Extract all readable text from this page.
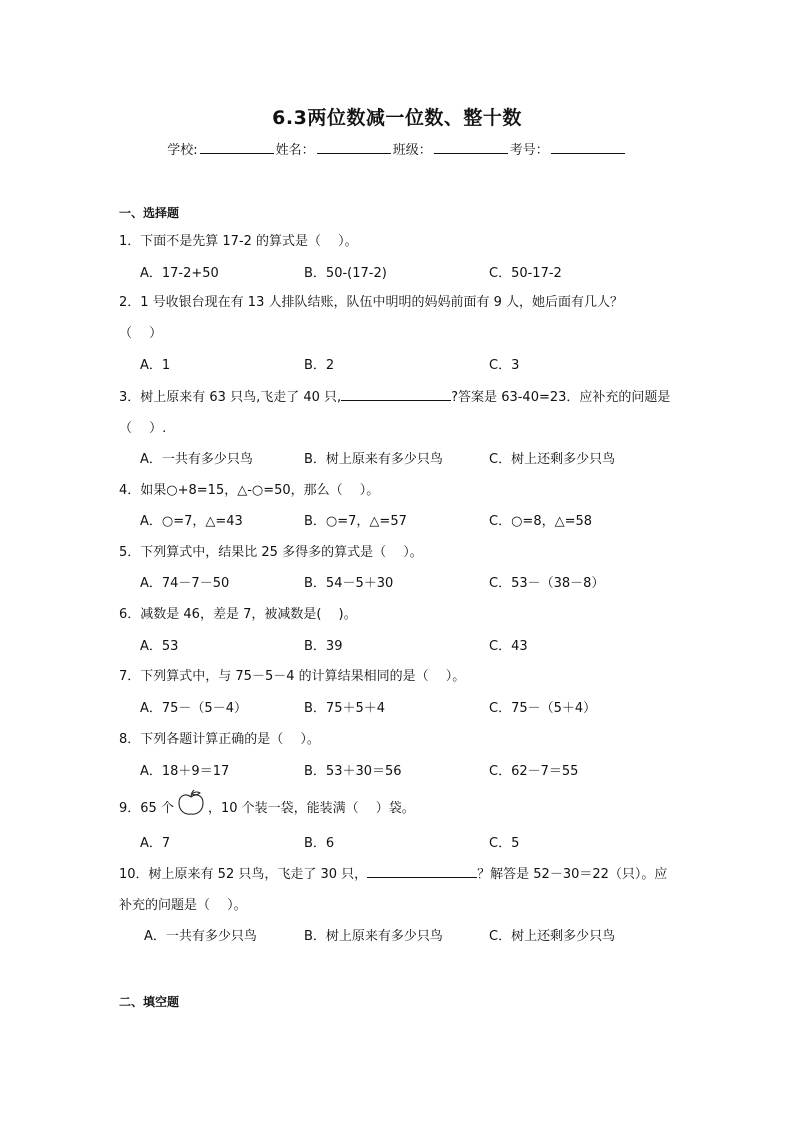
6.3两位数减一位数、整十数
学校:	姓名：	班级：	考号：
一、选择题
1．下面不是先算 17-2 的算式是（　 ）。
A．17-2+50	B．50-(17-2)	C．50-17-2
2．1 号收银台现在有 13 人排队结账，队伍中明明的妈妈前面有 9 人，她后面有几人？
（　 ）
A．1	B．2	C．3
3．树上原来有 63 只鸟,飞走了 40 只,	?答案是 63-40=23．应补充的问题是
（　 ）.
A．一共有多少只鸟	B．树上原来有多少只鸟	C．树上还剩多少只鸟
4．如果○+8=15，△-○=50，那么（　 ）。
A．○=7，△=43	B．○=7，△=57	C．○=8，△=58
5．下列算式中，结果比 25 多得多的算式是（　 ）。
A．74－7－50	B．54－5＋30	C．53－（38－8）
6．减数是 46，差是 7，被减数是(　 )。
A．53	B．39	C．43
7．下列算式中，与 75－5－4 的计算结果相同的是（　 ）。
A．75－（5－4）	B．75＋5＋4	C．75－（5＋4）
8．下列各题计算正确的是（　 ）。
A．18＋9＝17	B．53＋30＝56	C．62－7＝55
9．65 个	，10 个装一袋，能装满（　 ）袋。
A．7	B．6	C．5
10．树上原来有 52 只鸟，飞走了 30 只，	？解答是 52－30＝22（只）。应
补充的问题是（　 ）。
A．一共有多少只鸟	B．树上原来有多少只鸟	C．树上还剩多少只鸟
二、填空题
